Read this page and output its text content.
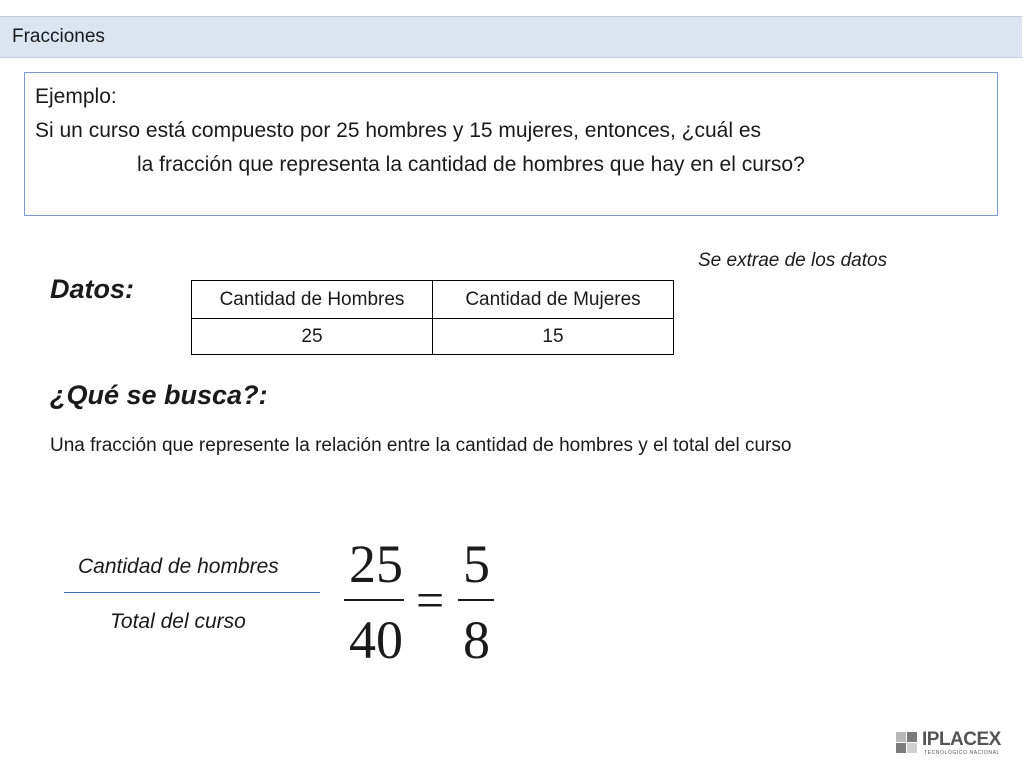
Fracciones
Ejemplo:
Si un curso está compuesto por 25 hombres y 15 mujeres, entonces, ¿cuál es
la fracción que representa la cantidad de hombres que hay en el curso?
Se extrae de los datos
Datos:	Cantidad de Hombres	Cantidad de Mujeres
25	15
¿Qué se busca?:
Una fracción que represente la relación entre la cantidad de hombres y el total del curso
Cantidad de hombres
Total del curso
25
40
=
5
8
IPLACEX
TECNOLÓGICO NACIONAL
